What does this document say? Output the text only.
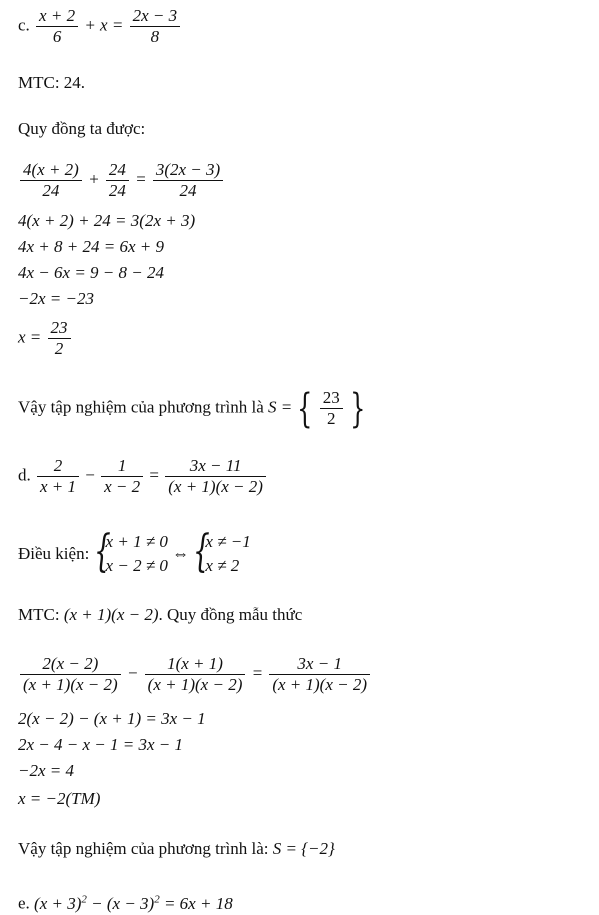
c. $\frac{x + 2}{6} + x = \frac{2x - 3}{8}$
MTC: 24.
Quy đồng ta được:
$\frac{4(x + 2)}{24} + \frac{24}{24} = \frac{3(2x - 3)}{24}$
4(x + 2) + 24 = 3(2x + 3)
4x + 8 + 24 = 6x + 9
4x − 6x = 9 − 8 − 24
−2x = −23
$x = \frac{23}{2}$
Vậy tập nghiệm của phương trình là S = { $\frac{23}{2}$ }
d. $\frac{2}{x + 1} - \frac{1}{x - 2} = \frac{3x - 11}{(x + 1)(x - 2)}$
Điều kiện: {
x + 1 ≠ 0
x − 2 ≠ 0
⇔ {
x ≠ −1
x ≠ 2
MTC: (x + 1)(x − 2). Quy đồng mẫu thức
$\frac{2(x - 2)}{(x + 1)(x - 2)} - \frac{1(x + 1)}{(x + 1)(x - 2)} = \frac{3x - 1}{(x + 1)(x - 2)}$
2(x − 2) − (x + 1) = 3x − 1
2x − 4 − x − 1 = 3x − 1
−2x = 4
x = −2(TM)
Vậy tập nghiệm của phương trình là: S = {−2}
e. $(x + 3)^2 - (x - 3)^2 = 6x + 18$
